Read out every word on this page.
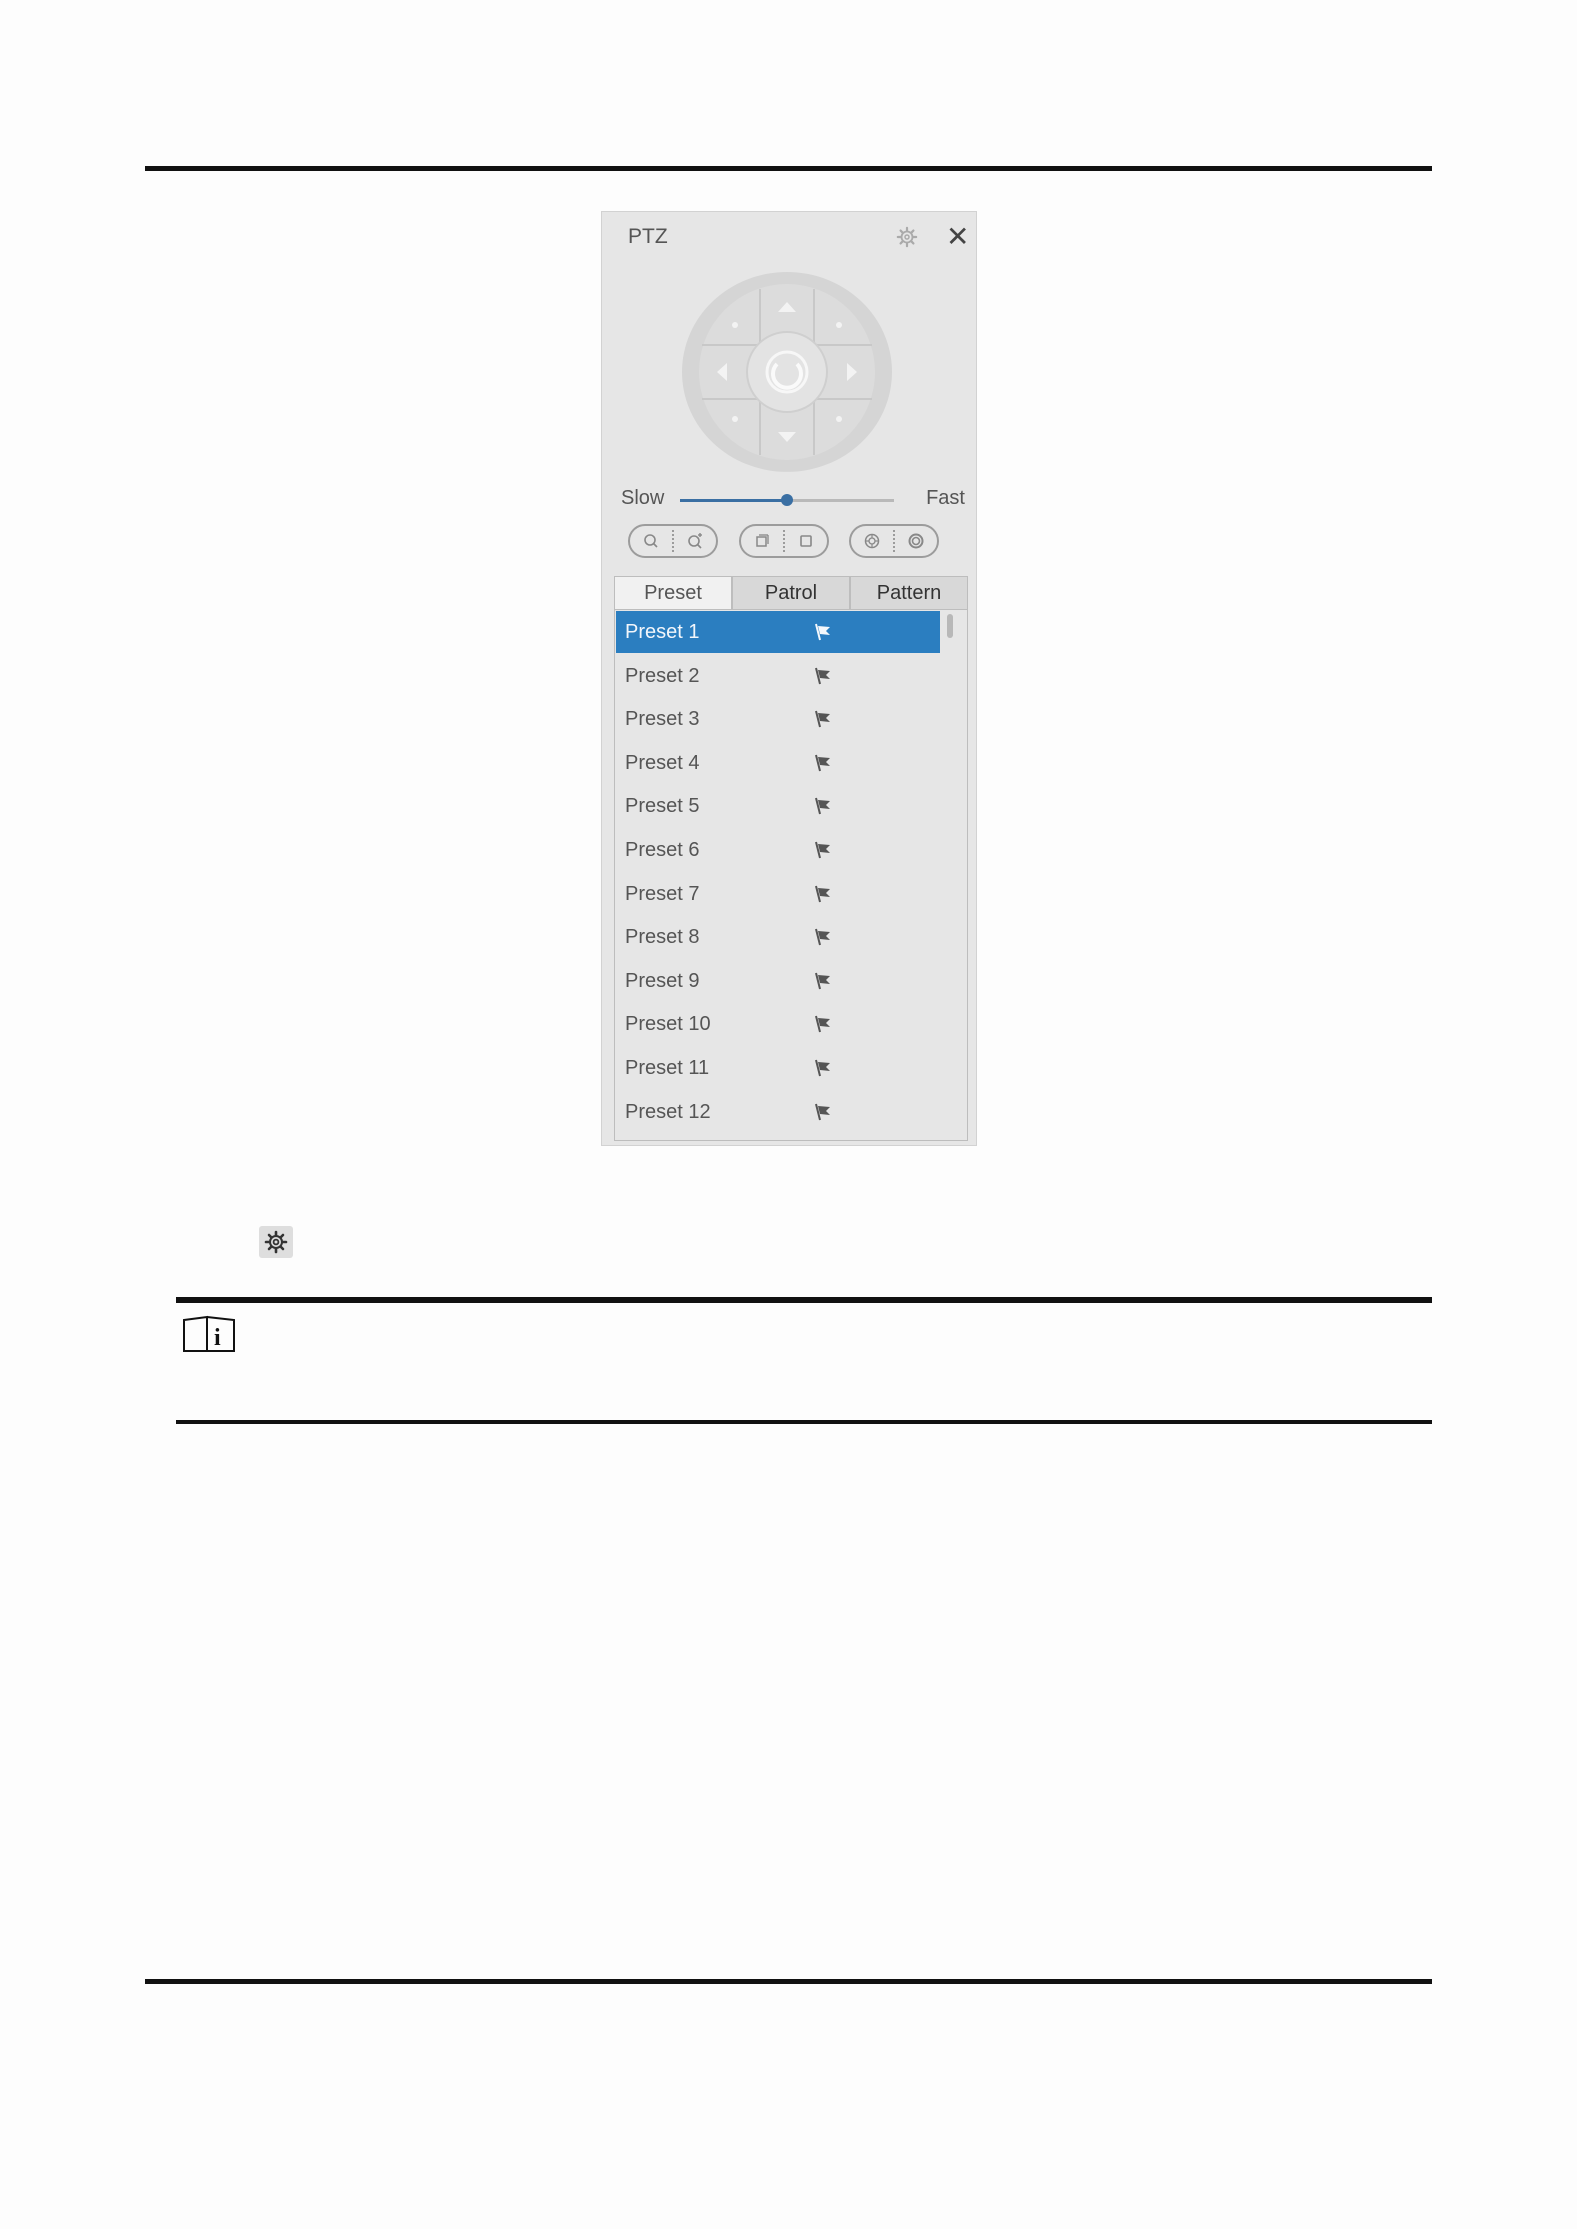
PTZ	✕
Slow	Fast
Preset	Patrol	Pattern
Preset 1
Preset 2
Preset 3
Preset 4
Preset 5
Preset 6
Preset 7
Preset 8
Preset 9
Preset 10
Preset 11
Preset 12
i
